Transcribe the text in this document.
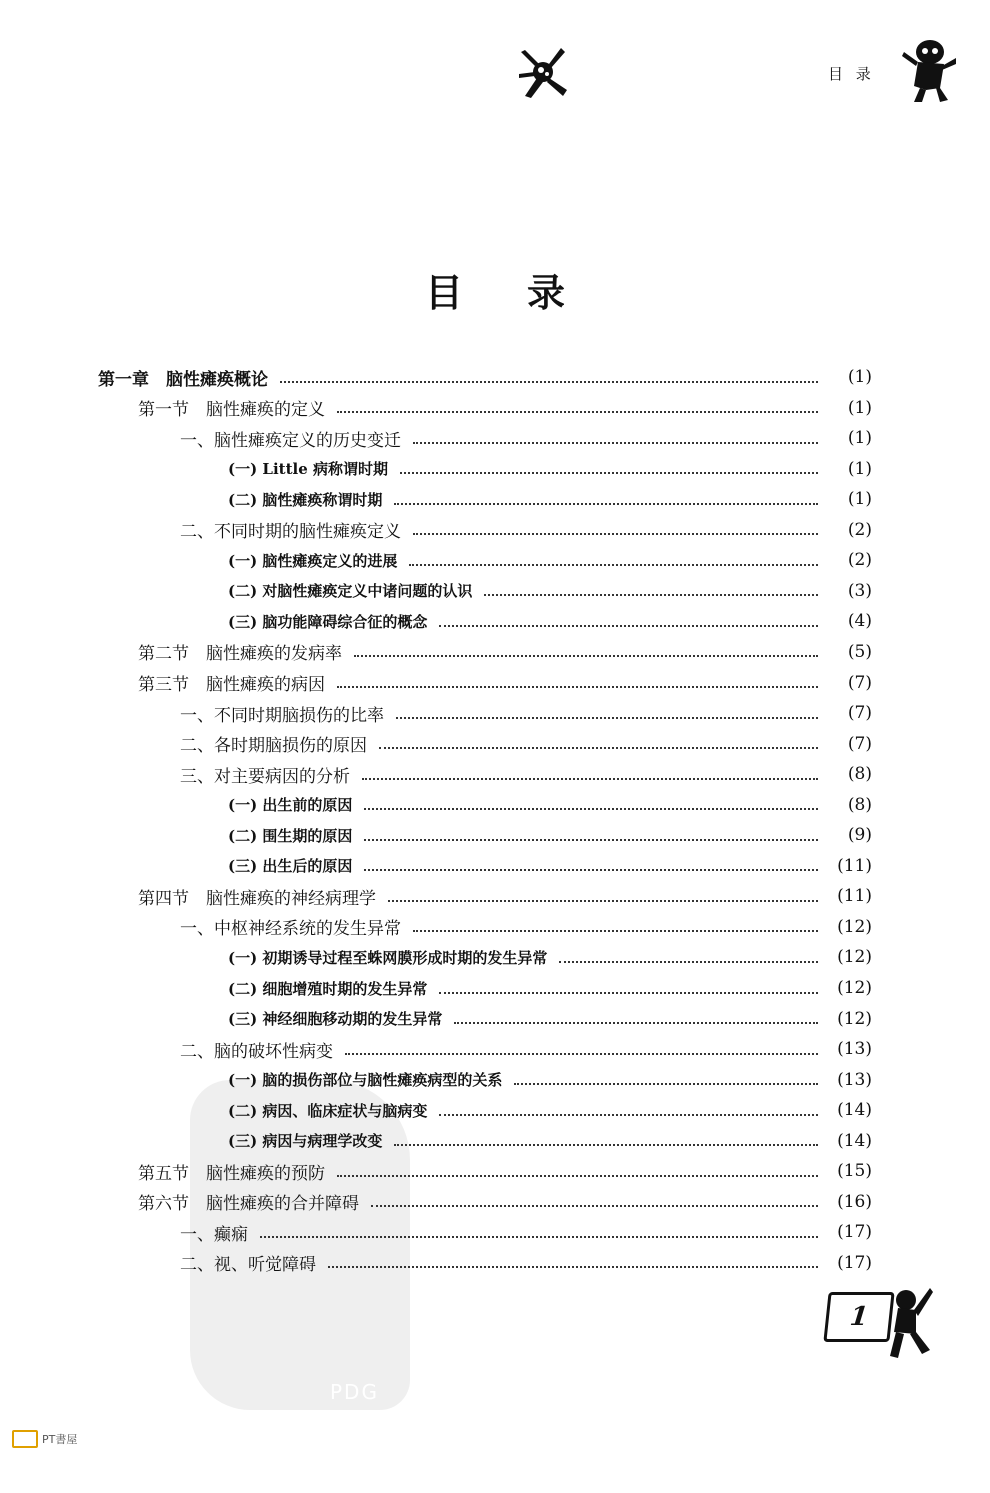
PDG
目 录
目录
第一章　脑性瘫痪概论	(1)
第一节　脑性瘫痪的定义	(1)
一、脑性瘫痪定义的历史变迁	(1)
(一) Little 病称谓时期	(1)
(二) 脑性瘫痪称谓时期	(1)
二、不同时期的脑性瘫痪定义	(2)
(一) 脑性瘫痪定义的进展	(2)
(二) 对脑性瘫痪定义中诸问题的认识	(3)
(三) 脑功能障碍综合征的概念	(4)
第二节　脑性瘫痪的发病率	(5)
第三节　脑性瘫痪的病因	(7)
一、不同时期脑损伤的比率	(7)
二、各时期脑损伤的原因	(7)
三、对主要病因的分析	(8)
(一) 出生前的原因	(8)
(二) 围生期的原因	(9)
(三) 出生后的原因	(11)
第四节　脑性瘫痪的神经病理学	(11)
一、中枢神经系统的发生异常	(12)
(一) 初期诱导过程至蛛网膜形成时期的发生异常	(12)
(二) 细胞增殖时期的发生异常	(12)
(三) 神经细胞移动期的发生异常	(12)
二、脑的破坏性病变	(13)
(一) 脑的损伤部位与脑性瘫痪病型的关系	(13)
(二) 病因、临床症状与脑病变	(14)
(三) 病因与病理学改变	(14)
第五节　脑性瘫痪的预防	(15)
第六节　脑性瘫痪的合并障碍	(16)
一、癫痫	(17)
二、视、听觉障碍	(17)
1
PT書屋
